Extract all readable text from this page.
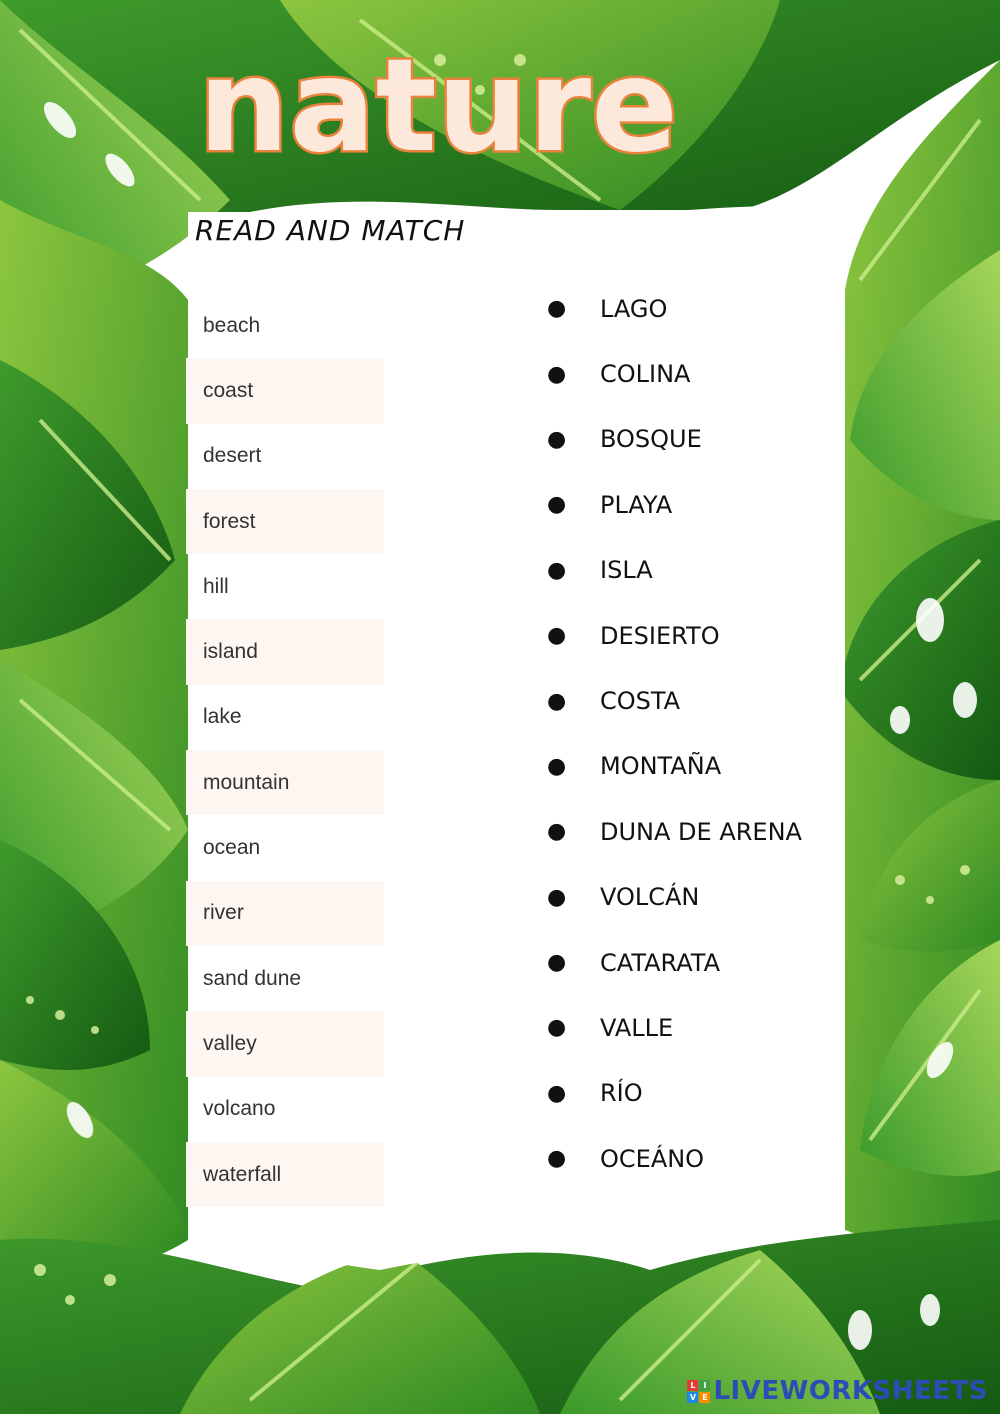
nature
READ AND MATCH
beach
coast
desert
forest
hill
island
lake
mountain
ocean
river
sand dune
valley
volcano
waterfall
●	LAGO
●	COLINA
●	BOSQUE
●	PLAYA
●	ISLA
●	DESIERTO
●	COSTA
●	MONTAÑA
●	DUNA DE ARENA
●	VOLCÁN
●	CATARATA
●	VALLE
●	RÍO
●	OCEÁNO
L I
V E LIVEWORKSHEETS
